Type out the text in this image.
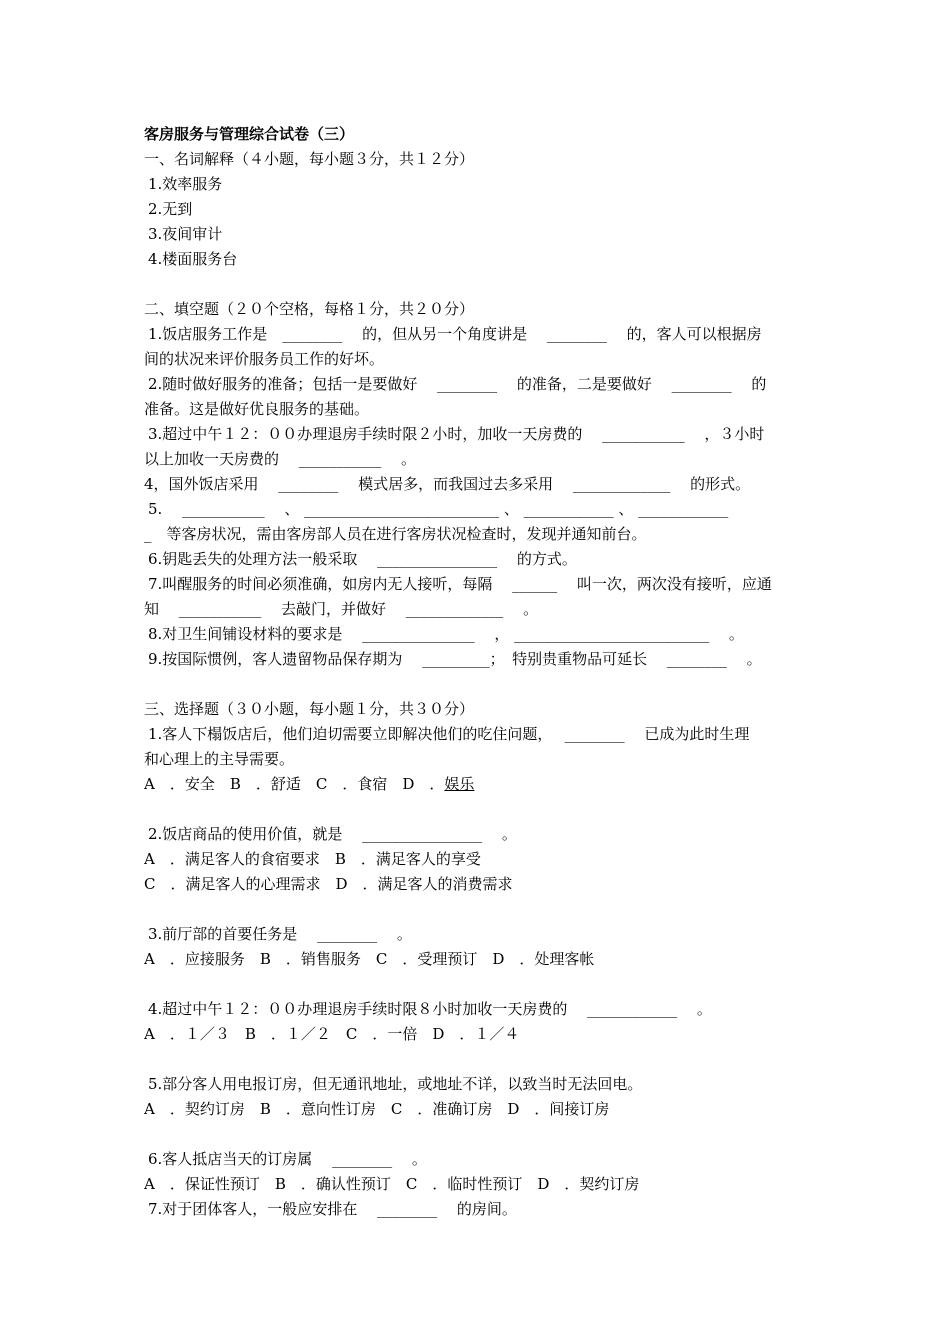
客房服务与管理综合试卷（三）
一、名词解释（４小题，每小题３分，共１２分）
1.效率服务
2.无到
3.夜间审计
4.楼面服务台
二、填空题（２０个空格，每格１分，共２０分）
1.饭店服务工作是　________　 的，但从另一个角度讲是　 ________　 的，客人可以根据房
间的状况来评价服务员工作的好坏。
2.随时做好服务的准备；包括一是要做好　 ________　 的准备，二是要做好　 ________　 的
准备。这是做好优良服务的基础。
3.超过中午１２：００办理退房手续时限２小时，加收一天房费的　 ___________　 ，３小时
以上加收一天房费的　 ___________　 。
4，国外饭店采用　 ________　 模式居多，而我国过去多采用　 _____________　 的形式。
5.　 ___________　 、 __________________________ 、 ____________ 、 ____________
_　等客房状况，需由客房部人员在进行客房状况检查时，发现并通知前台。
6.钥匙丢失的处理方法一般采取　 ________________　 的方式。
7.叫醒服务的时间必须准确，如房内无人接听，每隔　 ______　 叫一次，两次没有接听，应通
知　 ___________　 去敲门，并做好　 _____________　 。
8.对卫生间铺设材料的要求是　 _______________　 ， __________________________　 。
9.按国际惯例，客人遗留物品保存期为　 _________；　特别贵重物品可延长　 ________　 。
三、选择题（３０小题，每小题１分，共３０分）
1.客人下榻饭店后，他们迫切需要立即解决他们的吃住问题，　 ________　 已成为此时生理
和心理上的主导需要。
A　．安全　B　．舒适　C　．食宿　D　．娱乐
2.饭店商品的使用价值，就是　 ________________　 。
A　．满足客人的食宿要求　B　．满足客人的享受
C　．满足客人的心理需求　D　．满足客人的消费需求
3.前厅部的首要任务是　 ________　 。
A　．应接服务　B　．销售服务　C　．受理预订　D　．处理客帐
4.超过中午１２：００办理退房手续时限８小时加收一天房费的　 ____________　 。
A　．１／３　B　．１／２　C　．一倍　D　．１／４
5.部分客人用电报订房，但无通讯地址，或地址不详，以致当时无法回电。
A　．契约订房　B　．意向性订房　C　．准确订房　D　．间接订房
6.客人抵店当天的订房属　 ________　 。
A　．保证性预订　B　．确认性预订　C　．临时性预订　D　．契约订房
7.对于团体客人，一般应安排在　 ________　 的房间。
